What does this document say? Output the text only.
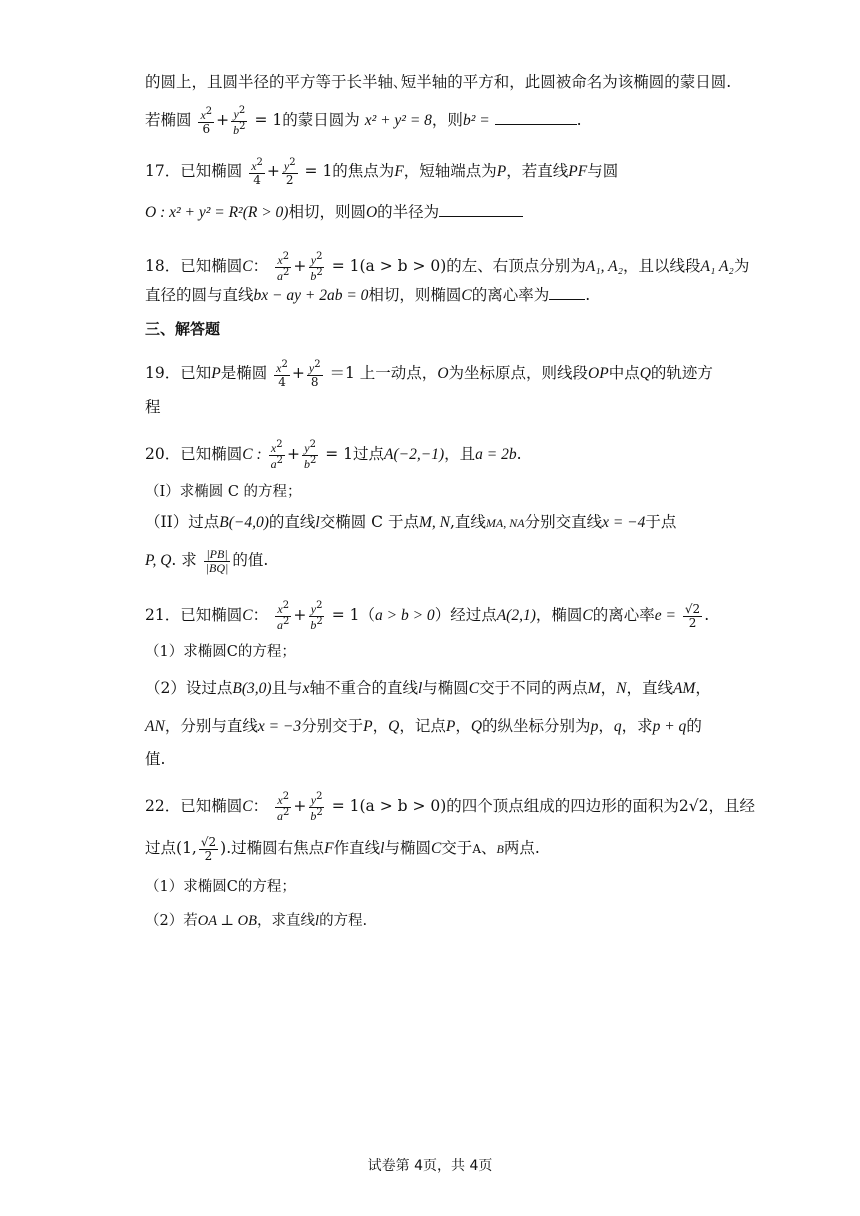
的圆上，且圆半径的平方等于长半轴､短半轴的平方和，此圆被命名为该椭圆的蒙日圆.
若椭圆 $\frac{x^2}{6} + \frac{y^2}{b^2} = 1$的蒙日圆为 x² + y² = 8，则b² =	.
17．已知椭圆 $\frac{x^2}{4} + \frac{y^2}{2} = 1$的焦点为F，短轴端点为P，若直线PF与圆
O : x² + y² = R²(R > 0)相切，则圆O的半径为
18．已知椭圆C： $\frac{x^2}{a^2} + \frac{y^2}{b^2} = 1(a > b > 0)$的左、右顶点分别为A₁, A₂，且以线段A₁ A₂为
直径的圆与直线bx − ay + 2ab = 0相切，则椭圆C的离心率为 .
三、解答题
19．已知P是椭圆 $\frac{x^2}{4} + \frac{y^2}{8} =1$ 上一动点，O为坐标原点，则线段OP中点Q的轨迹方
程
20．已知椭圆C : $\frac{x^2}{a^2} + \frac{y^2}{b^2} = 1$过点A(−2,−1)，且a = 2b.
（I）求椭圆 C 的方程；
（II）过点B(−4,0)的直线l交椭圆 C 于点M, N,直线MA, NA分别交直线x = −4于点
P, Q. 求 $\frac{|PB|}{|BQ|}$ 的值.
21．已知椭圆C： $\frac{x^2}{a^2} + \frac{y^2}{b^2} = 1(a > b > 0)$经过点A(2,1)，椭圆C的离心率$e = \frac{√2}{2}$ .
（1）求椭圆C的方程；
（2）设过点B(3,0)且与x轴不重合的直线l与椭圆C交于不同的两点M，N，直线AM，
AN，分别与直线x = −3分别交于P，Q，记点P，Q的纵坐标分别为p，q，求p + q的
值.
22．已知椭圆C： $\frac{x^2}{a^2} + \frac{y^2}{b^2} = 1(a > b > 0)$的四个顶点组成的四边形的面积为2√2，且经
过点(1, $\frac{√2}{2}$ ).过椭圆右焦点F作直线l与椭圆C交于A、B两点.
（1）求椭圆C的方程；
（2）若OA ⊥ OB，求直线l的方程.
试卷第 4页，共 4页
